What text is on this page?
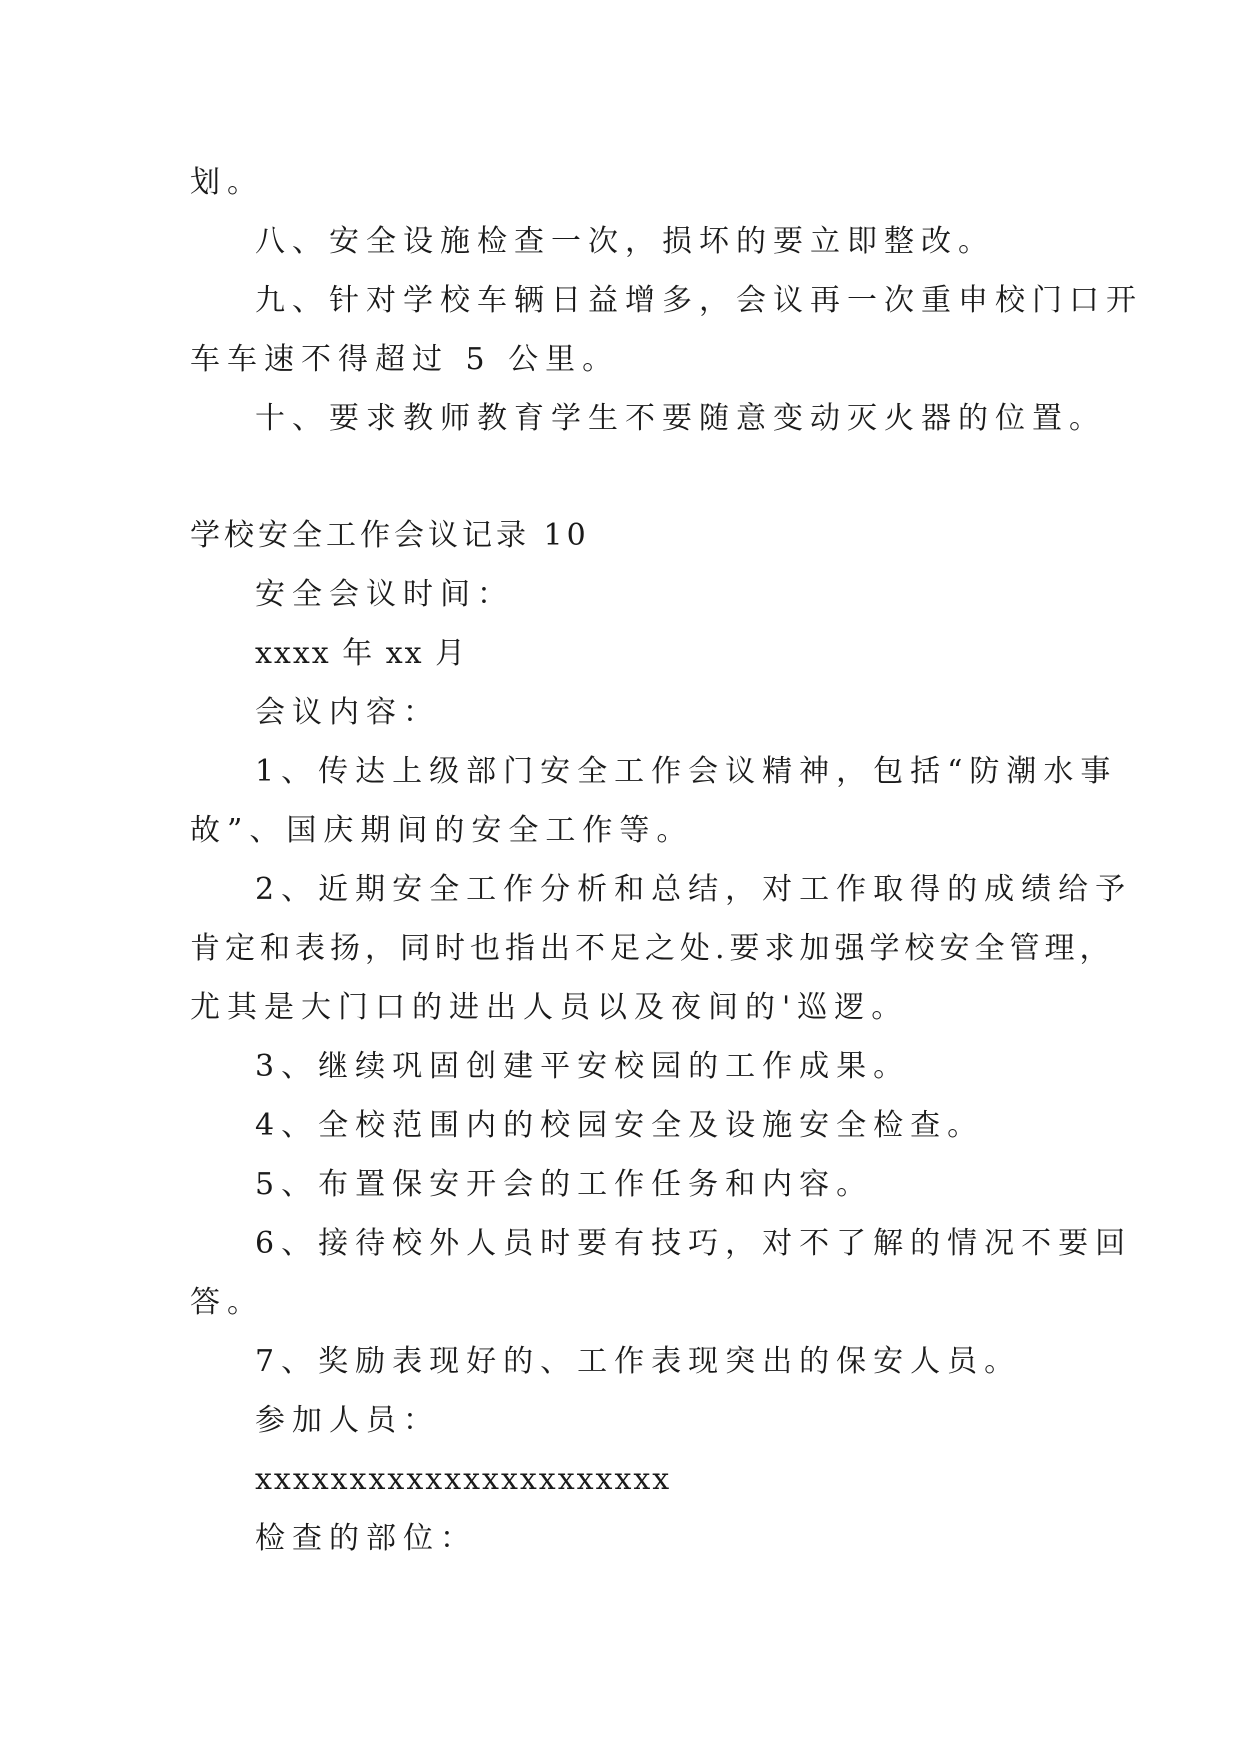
划。
八、安全设施检查一次，损坏的要立即整改。
九、针对学校车辆日益增多，会议再一次重申校门口开
车车速不得超过 5 公里。
十、要求教师教育学生不要随意变动灭火器的位置。
学校安全工作会议记录 10
安全会议时间：
xxxx 年 xx 月
会议内容：
1、传达上级部门安全工作会议精神，包括“防潮水事
故”、国庆期间的安全工作等。
2、近期安全工作分析和总结，对工作取得的成绩给予
肯定和表扬，同时也指出不足之处.要求加强学校安全管理，
尤其是大门口的进出人员以及夜间的'巡逻。
3、继续巩固创建平安校园的工作成果。
4、全校范围内的校园安全及设施安全检查。
5、布置保安开会的工作任务和内容。
6、接待校外人员时要有技巧，对不了解的情况不要回
答。
7、奖励表现好的、工作表现突出的保安人员。
参加人员：
xxxxxxxxxxxxxxxxxxxxxx
检查的部位：
